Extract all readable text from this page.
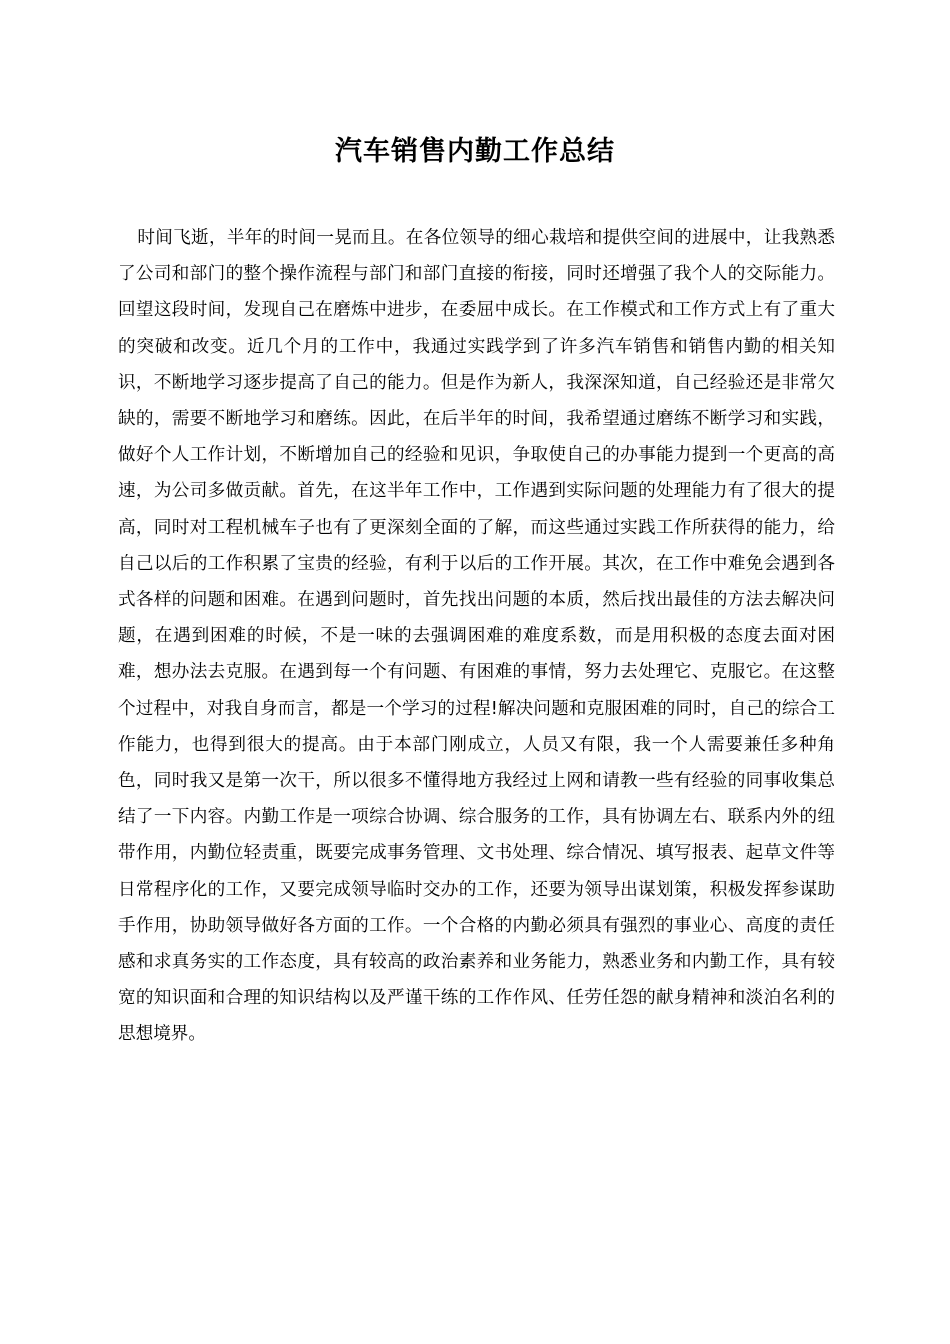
汽车销售内勤工作总结

时间飞逝，半年的时间一晃而且。在各位领导的细心栽培和提供空间的进展中，让我熟悉了公司和部门的整个操作流程与部门和部门直接的衔接，同时还增强了我个人的交际能力。回望这段时间，发现自己在磨炼中进步，在委屈中成长。在工作模式和工作方式上有了重大的突破和改变。近几个月的工作中，我通过实践学到了许多汽车销售和销售内勤的相关知识，不断地学习逐步提高了自己的能力。但是作为新人，我深深知道，自己经验还是非常欠缺的，需要不断地学习和磨练。因此，在后半年的时间，我希望通过磨练不断学习和实践，做好个人工作计划，不断增加自己的经验和见识，争取使自己的办事能力提到一个更高的高速，为公司多做贡献。首先，在这半年工作中，工作遇到实际问题的处理能力有了很大的提高，同时对工程机械车子也有了更深刻全面的了解，而这些通过实践工作所获得的能力，给自己以后的工作积累了宝贵的经验，有利于以后的工作开展。其次，在工作中难免会遇到各式各样的问题和困难。在遇到问题时，首先找出问题的本质，然后找出最佳的方法去解决问题，在遇到困难的时候，不是一味的去强调困难的难度系数，而是用积极的态度去面对困难，想办法去克服。在遇到每一个有问题、有困难的事情，努力去处理它、克服它。在这整个过程中，对我自身而言，都是一个学习的过程!解决问题和克服困难的同时，自己的综合工作能力，也得到很大的提高。由于本部门刚成立，人员又有限，我一个人需要兼任多种角色，同时我又是第一次干，所以很多不懂得地方我经过上网和请教一些有经验的同事收集总结了一下内容。内勤工作是一项综合协调、综合服务的工作，具有协调左右、联系内外的纽带作用，内勤位轻责重，既要完成事务管理、文书处理、综合情况、填写报表、起草文件等日常程序化的工作，又要完成领导临时交办的工作，还要为领导出谋划策，积极发挥参谋助手作用，协助领导做好各方面的工作。一个合格的内勤必须具有强烈的事业心、高度的责任感和求真务实的工作态度，具有较高的政治素养和业务能力，熟悉业务和内勤工作，具有较宽的知识面和合理的知识结构以及严谨干练的工作作风、任劳任怨的献身精神和淡泊名利的思想境界。
